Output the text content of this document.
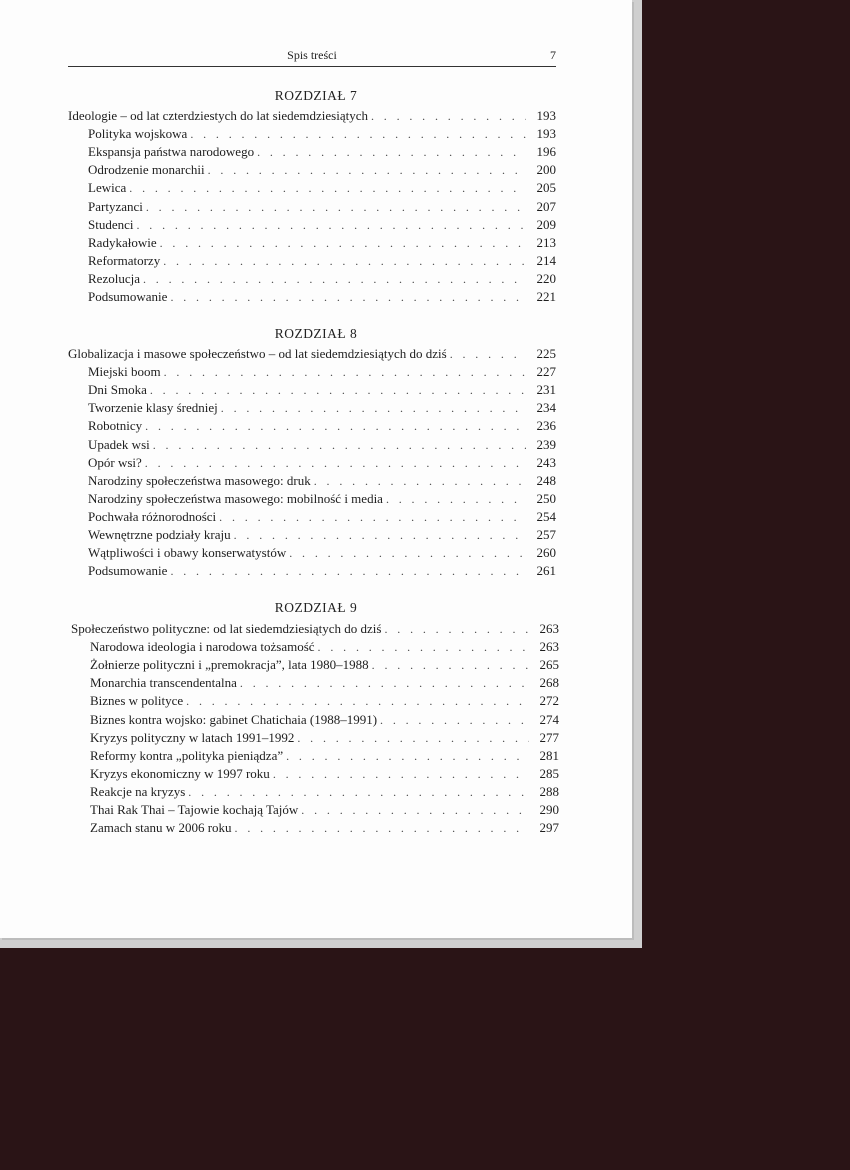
Spis treści	7
ROZDZIAŁ 7
Ideologie – od lat czterdziestych do lat siedemdziesiątych . . .	193
Polityka wojskowa . . .	193
Ekspansja państwa narodowego . . .	196
Odrodzenie monarchii . . .	200
Lewica . . .	205
Partyzanci . . .	207
Studenci . . .	209
Radykałowie . . .	213
Reformatorzy . . .	214
Rezolucja . . .	220
Podsumowanie . . .	221
ROZDZIAŁ 8
Globalizacja i masowe społeczeństwo – od lat siedemdziesiątych do dziś . . .	225
Miejski boom . . .	227
Dni Smoka . . .	231
Tworzenie klasy średniej . . .	234
Robotnicy . . .	236
Upadek wsi . . .	239
Opór wsi? . . .	243
Narodziny społeczeństwa masowego: druk . . .	248
Narodziny społeczeństwa masowego: mobilność i media . . .	250
Pochwała różnorodności . . .	254
Wewnętrzne podziały kraju . . .	257
Wątpliwości i obawy konserwatystów . . .	260
Podsumowanie . . .	261
ROZDZIAŁ 9
Społeczeństwo polityczne: od lat siedemdziesiątych do dziś . . .	263
Narodowa ideologia i narodowa tożsamość . . .	263
Żołnierze polityczni i „premokracja”, lata 1980–1988 . . .	265
Monarchia transcendentalna . . .	268
Biznes w polityce . . .	272
Biznes kontra wojsko: gabinet Chatichaia (1988–1991) . . .	274
Kryzys polityczny w latach 1991–1992 . . .	277
Reformy kontra „polityka pieniądza” . . .	281
Kryzys ekonomiczny w 1997 roku . . .	285
Reakcje na kryzys . . .	288
Thai Rak Thai – Tajowie kochają Tajów . . .	290
Zamach stanu w 2006 roku . . .	297
